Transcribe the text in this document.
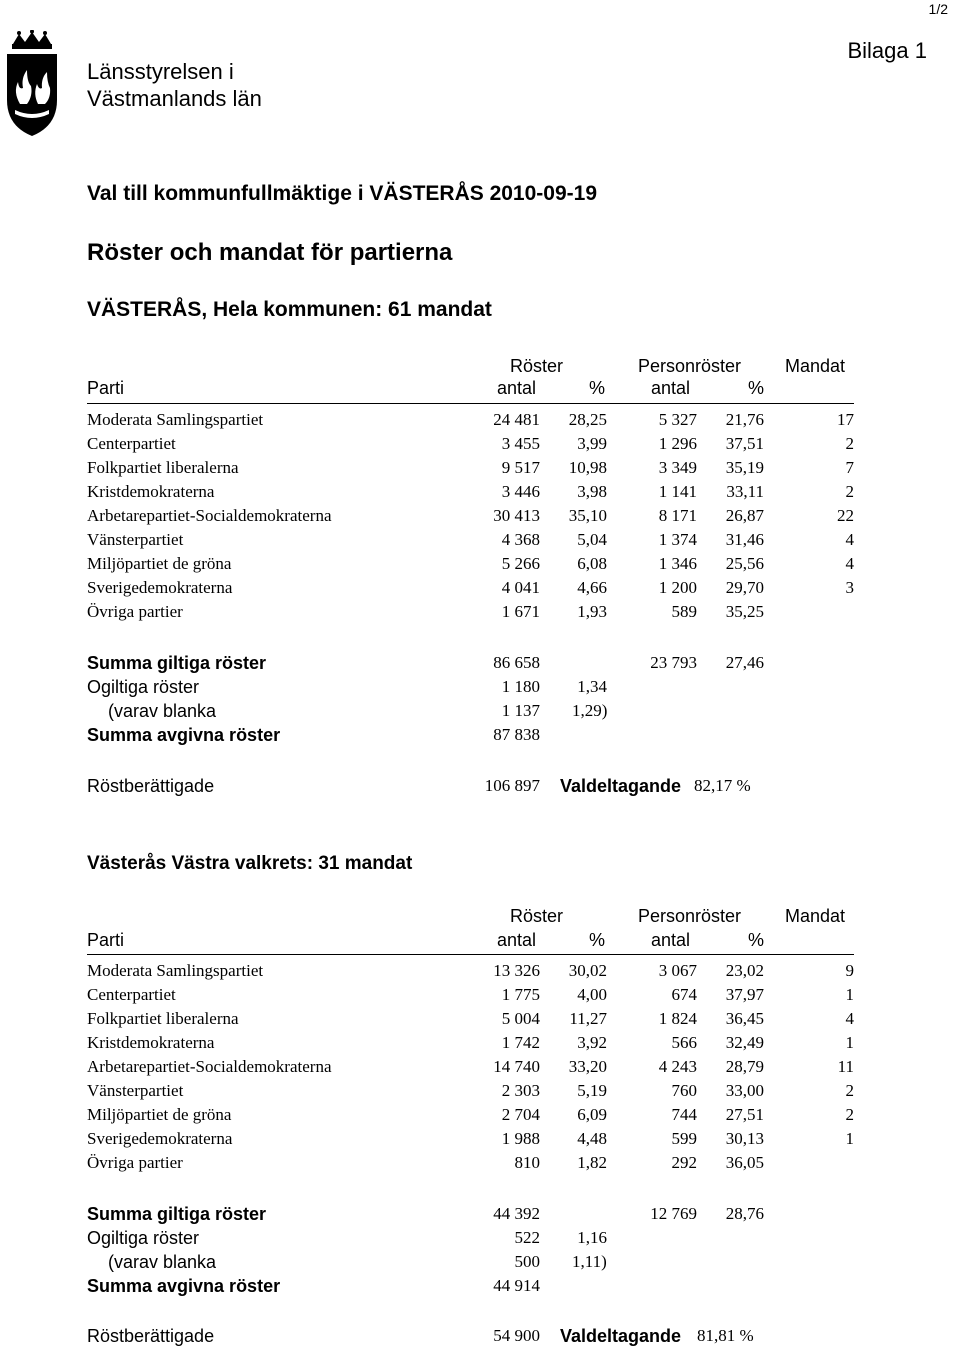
1/2
Länsstyrelsen i
Västmanlands län
Bilaga 1
Val till kommunfullmäktige i VÄSTERÅS 2010-09-19
Röster och mandat för partierna
VÄSTERÅS, Hela kommunen: 61 mandat
Västerås Västra valkrets: 31 mandat
Röster	Personröster Mandat
Parti	antal	%	antal	%
Moderata Samlingspartiet	24 481 28,25	5 327 21,76	17
Centerpartiet	3 455 3,99	1 296 37,51	2
Folkpartiet liberalerna	9 517 10,98	3 349 35,19	7
Kristdemokraterna	3 446 3,98	1 141 33,11	2
Arbetarepartiet-Socialdemokraterna	30 413 35,10	8 171 26,87	22
Vänsterpartiet	4 368 5,04	1 374 31,46	4
Miljöpartiet de gröna	5 266 6,08	1 346 25,56	4
Sverigedemokraterna	4 041 4,66	1 200 29,70	3
Övriga partier	1 671 1,93	589 35,25
Summa giltiga röster	86 658	23 793 27,46
Ogiltiga röster	1 180 1,34
(varav blanka	1 137 1,29)
Summa avgivna röster	87 838
Röstberättigade	106 897 Valdeltagande 82,17 %
Röster	Personröster Mandat
Parti	antal	%	antal	%
Moderata Samlingspartiet	13 326 30,02	3 067 23,02	9
Centerpartiet	1 775 4,00	674 37,97	1
Folkpartiet liberalerna	5 004 11,27	1 824 36,45	4
Kristdemokraterna	1 742 3,92	566 32,49	1
Arbetarepartiet-Socialdemokraterna	14 740 33,20	4 243 28,79	11
Vänsterpartiet	2 303 5,19	760 33,00	2
Miljöpartiet de gröna	2 704 6,09	744 27,51	2
Sverigedemokraterna	1 988 4,48	599 30,13	1
Övriga partier	810 1,82	292 36,05
Summa giltiga röster	44 392	12 769 28,76
Ogiltiga röster	522 1,16
(varav blanka	500 1,11)
Summa avgivna röster	44 914
Röstberättigade	54 900 Valdeltagande 81,81 %
